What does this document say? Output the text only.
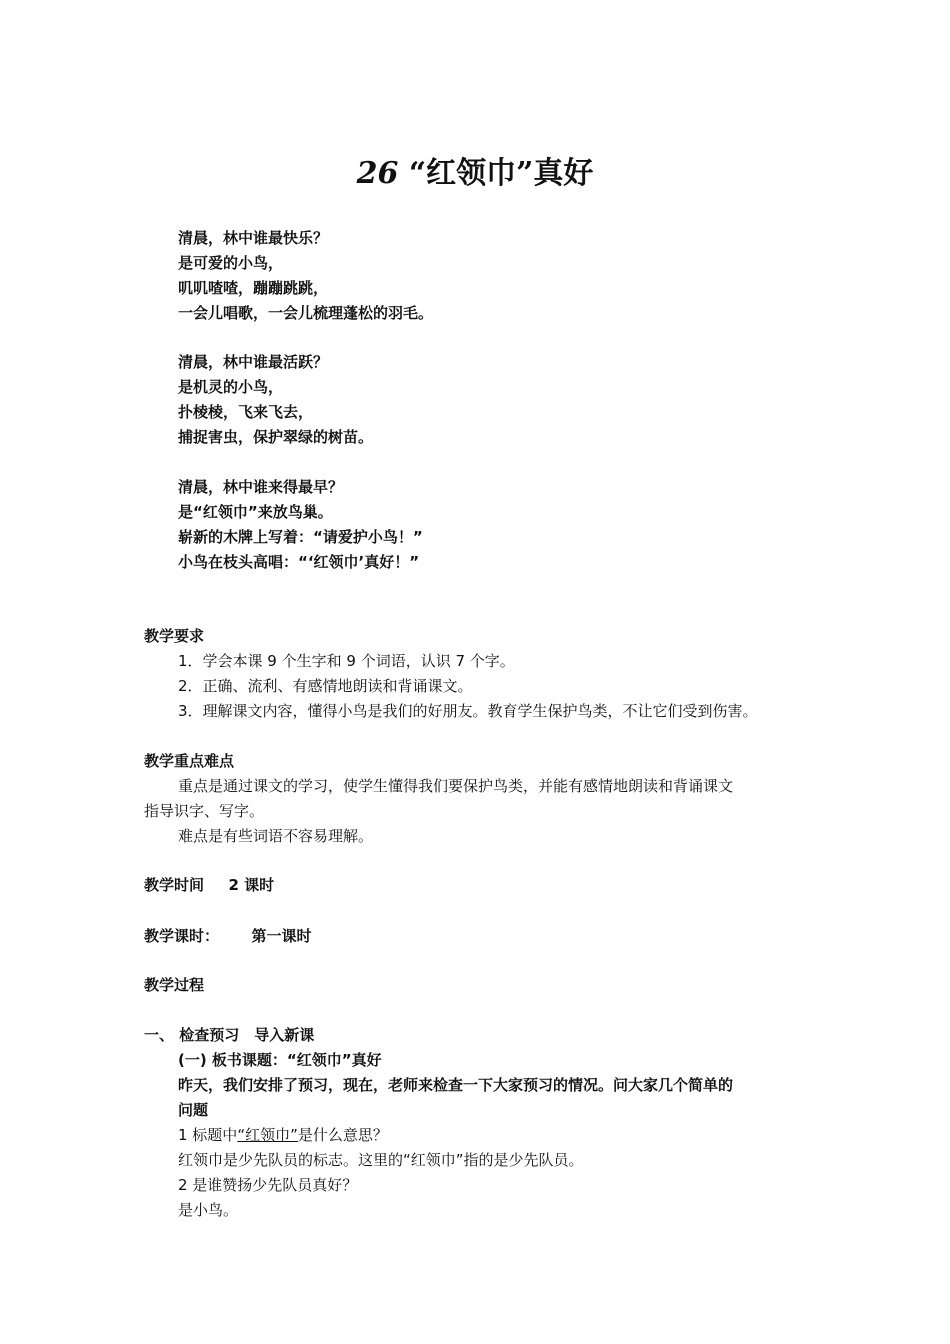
26 “红领巾”真好
清晨，林中谁最快乐？
是可爱的小鸟，
叽叽喳喳，蹦蹦跳跳，
一会儿唱歌，一会儿梳理蓬松的羽毛。
清晨，林中谁最活跃？
是机灵的小鸟，
扑棱棱，飞来飞去，
捕捉害虫，保护翠绿的树苗。
清晨，林中谁来得最早？
是“红领巾”来放鸟巢。
崭新的木牌上写着：“请爱护小鸟！”
小鸟在枝头高唱：“‘红领巾’真好！”
教学要求
1．学会本课 9 个生字和 9 个词语，认识 7 个字。
2．正确、流利、有感情地朗读和背诵课文。
3．理解课文内容，懂得小鸟是我们的好朋友。教育学生保护鸟类，不让它们受到伤害。
教学重点难点
重点是通过课文的学习，使学生懂得我们要保护鸟类，并能有感情地朗读和背诵课文
指导识字、写字。
难点是有些词语不容易理解。
教学时间 2 课时
教学课时： 第一课时
教学过程
一、 检查预习　导入新课
(一) 板书课题：“红领巾”真好
昨天，我们安排了预习，现在，老师来检查一下大家预习的情况。问大家几个简单的
问题
1 标题中“红领巾”是什么意思？
红领巾是少先队员的标志。这里的“红领巾”指的是少先队员。
2 是谁赞扬少先队员真好？
是小鸟。
